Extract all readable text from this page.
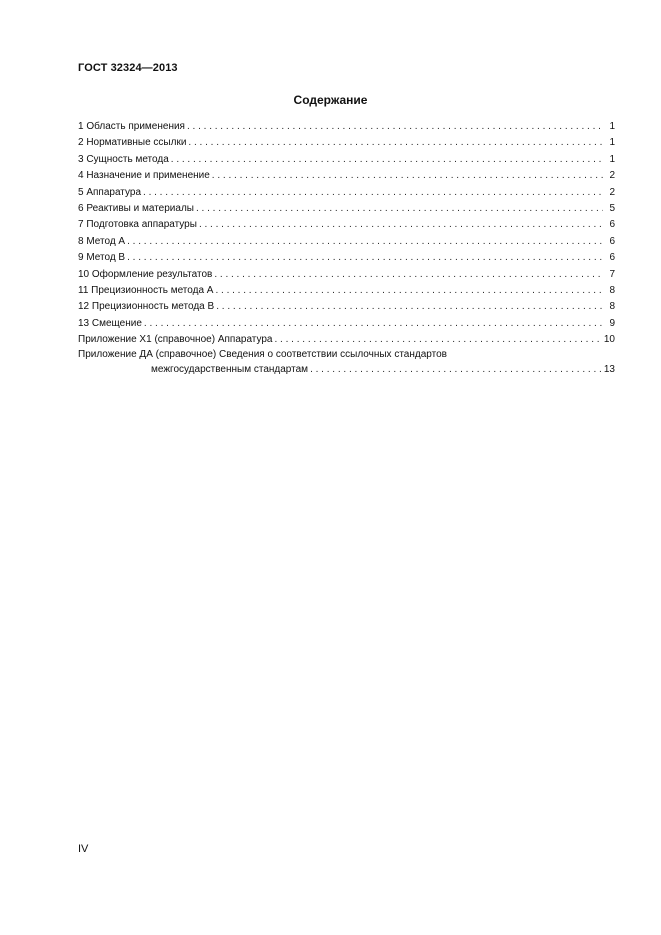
ГОСТ 32324—2013
Содержание
1 Область применения . . .	1
2 Нормативные ссылки . . .	1
3 Сущность метода . . .	1
4 Назначение и применение . . .	2
5 Аппаратура . . .	2
6 Реактивы и материалы . . .	5
7 Подготовка аппаратуры . . .	6
8 Метод А . . .	6
9 Метод В . . .	6
10 Оформление результатов . . .	7
11 Прецизионность метода А . . .	8
12 Прецизионность метода В . . .	8
13 Смещение . . .	9
Приложение X1 (справочное) Аппаратура . . .	10
Приложение ДА (справочное) Сведения о соответствии ссылочных стандартов
межгосударственным стандартам . . .	13
IV
